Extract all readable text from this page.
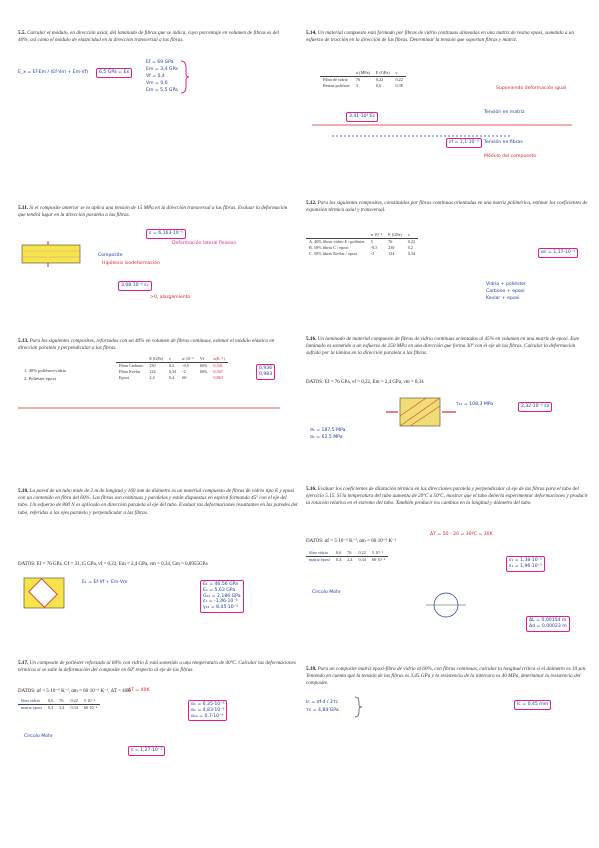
5.5. Calcular el módulo, en dirección axial, del laminado de fibras que se indica, cuyo porcentaje en volumen de fibras es del 40%, así como el módulo de elasticidad en la dirección transversal a las fibras.

E_x = Ef·Em / (Ef·Vm + Em·Vf)	6,5 GPa = Ex
Ef = 69 GPa
Em = 3,4 GPa
Vf = 0,4
Vm = 0,6
Em = 5,5 GPa

5.14. Un material compuesto está formado por fibras de vidrio continuas alineadas en una matriz de resina epoxi, sometido a un esfuerzo de tracción en la dirección de las fibras. Determinar la tensión que soportan fibras y matriz.

	σ (MPa)	E (GPa)	ν
Fibra de vidrio	76	0,22	0,22
Resina poliéster	3	0,6	0,38
Suponiendo deformación igual
Tensión en matriz
Tensión en fibras
Módulo del compuesto
3,41·10³ Ec
εf = 1,1·10⁻³

5.11. Si el composite anterior se lo aplica una tensión de 15 MPa en la dirección transversal a las fibras. Evaluar la deformación que tendrá lugar en la dirección paralela a las fibras.

Composite
Hipótesis isodeformación
Deformación lateral Poisson
ε = 6,163·10⁻⁵
3,08·10⁻⁶ ε₂
>0, alargamiento

5.12. Para los siguientes composites, constituidos por fibras continuas orientadas en una matriz polimérica, estimar los coeficientes de expansión térmica axial y transversal.

	α·10⁻⁶	E (GPa)	ν
A. 40% fibras vidrio E / poliéster	5	76	0,22
B. 50% fibras C / epoxi	-0,5	230	0,2
C. 50% fibras Kevlar / epoxi	-2	124	0,34	αc = 1,17·10⁻⁵
Vidrio + poliéster
Carbono + epoxi
Kevlar + epoxi

5.13. Para los siguientes composites, reforzados con un 40% en volumen de fibras continuas, estimar el módulo elástico en dirección paralela y perpendicular a las fibras.

1. 40% poliéster/vidrio
2. Poliéster epoxi
	E (GPa)	ν	α·10⁻⁶	Vf	α(K⁻¹)
Fibra Carbono	230	0,2	-0,5	60%	0,341
Fibra Kevlar	124	0,34	-2	60%	0,367
Epoxi	2,4	0,4	60		0,863
0,936
0,983

5.16. Un laminado de material compuesto de fibras de vidrio continuas orientadas al 45% en volumen en una matriz de epoxi. Este laminado es sometido a un esfuerzo de 250 MPa en una dirección que forma 30º con el eje de las fibras. Calcular la deformación sufrida por la lámina en la dirección paralela a las fibras.

DATOS: Ef = 76 GPa, νf = 0,22, Em = 2,4 GPa, νm = 0,34
σ₁ = 187,5 MPa
σ₂ = 62,5 MPa
2,32·10⁻² εx
τ₁₂ = 108,3 MPa

5.18. La pared de un tubo mide de 2 m de longitud y 160 mm de diámetro es un material compuesto de fibras de vidrio tipo E y epoxi con un contenido en fibra del 60%. Las fibras son continuas y paralelas y están dispuestas en espiral formando 45º con el eje del tubo. Un esfuerzo de 800 N es aplicado en dirección paralela al eje del tubo. Evaluar las deformaciones resultantes en las paredes del tubo, referidas a las ejes paralelo y perpendicular a las fibras.

DATOS: Ef = 76 GPa, Gf = 31,15 GPa, νf = 0,22, Em = 2,4 GPa, νm = 0,34, Gm = 0,8955GPa
E₁ = Ef·Vf + Em·Vm	E₁ = 46,56 GPa
E₂ = 5,63 GPa
G₁₂ = 2,186 GPa
ε₁ = -1,46·10⁻⁵
γ₁₂ = 8,45·10⁻⁵

5.16. Evaluar los coeficientes de dilatación térmica en las direcciones paralela y perpendicular al eje de las fibras para el tubo del ejercicio 5.15. Si la temperatura del tubo aumenta de 20ºC a 50ºC, mostrar que el tubo debería experimentar deformaciones y producir la rotación relativa en el extremo del tubo. También producir los cambios en la longitud y diámetro del tubo.

DATOS: αf = 5·10⁻⁶ K⁻¹, αm = 60·10⁻⁶ K⁻¹
ΔT = 50 - 20 = 30ºC = 30K
fibra vidrio	0,6	76	0,22	5·10⁻⁶
matriz epoxi	0,4	2,4	0,34	60·10⁻⁶	ε₁ = 1,38·10⁻⁵
ε₂ = 1,96·10⁻³
Círculo Mohr
ΔL = 0,00154 m
Δd = 0,00023 m

5.17. Un composite de poliéster reforzado al 60% con vidrio E está sometido a una temperatura de 40ºC. Calcular las deformaciones térmicas si se sabe la deformación del composite en 60º respecto al eje de las fibras.

DATOS: αf = 5·10⁻⁶ K⁻¹, αm = 60·10⁻⁶ K⁻¹, ΔT = 40K
ΔT = 40K
fibra vidrio	0,6	76	0,22	5·10⁻⁶
matriz epoxi	0,4	2,4	0,34	60·10⁻⁶
α₁ = 6,35·10⁻⁶
α₂ = 4,83·10⁻⁵
α₁₂ = 0,7·10⁻⁶
Círculo Mohr
ε = 1,27·10⁻³

5.18. Para un composite matriz epoxi-fibra de vidrio al 60%, con fibras continuas, calcular la longitud crítica si el diámetro es 10 µm. Teniendo en cuenta que la tensión de las fibras es 3,45 GPa y la resistencia de la intercara es 40 MPa, determinar la resistencia del composite.

lc = σf·d / 2τc
τc = 4,84 GPa
lc = 0,45 mm
